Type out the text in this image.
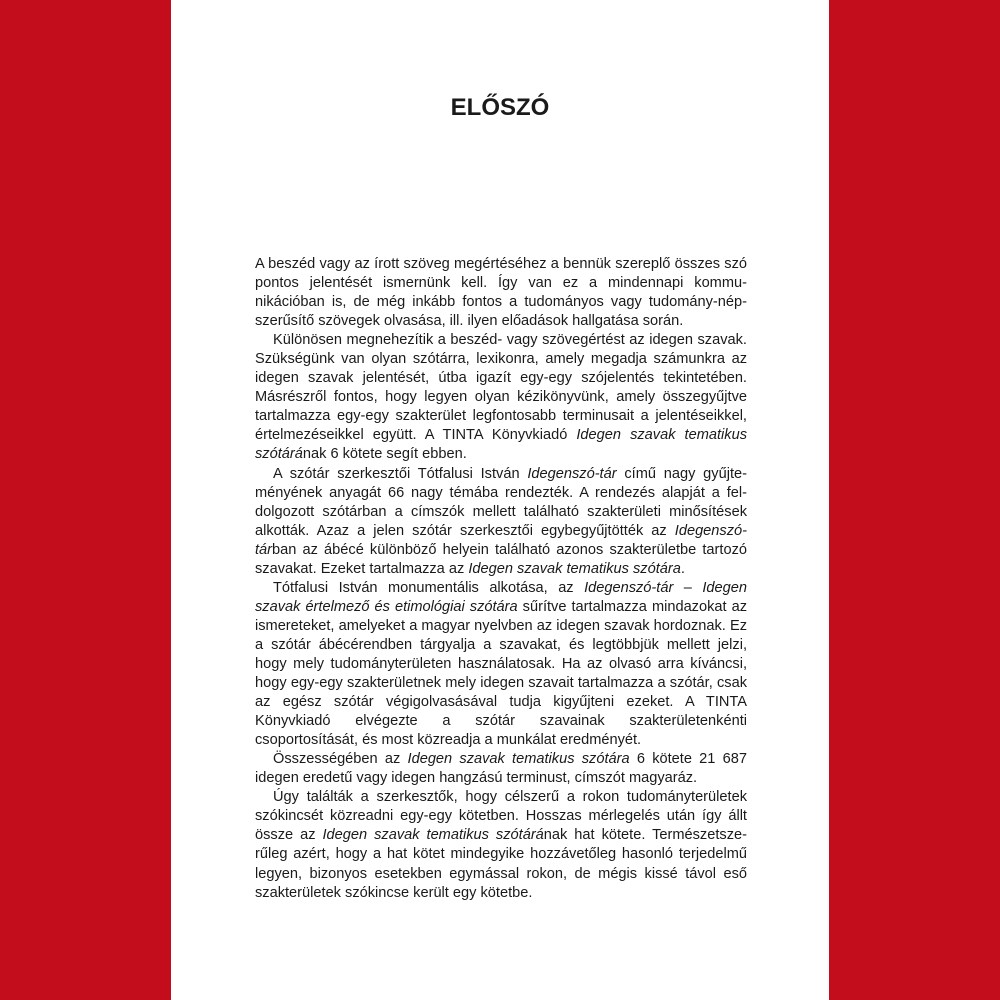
ELŐSZÓ

A beszéd vagy az írott szöveg megértéséhez a bennük szereplő összes szó pontos jelentését ismernünk kell. Így van ez a mindennapi kommunikációban is, de még inkább fontos a tudományos vagy tudomány-népszerűsítő szövegek olvasása, ill. ilyen előadások hallgatása során.

Különösen megnehezítik a beszéd- vagy szövegértést az idegen szavak. Szükségünk van olyan szótárra, lexikonra, amely megadja számunkra az idegen szavak jelentését, útba igazít egy-egy szójelentés tekintetében. Másrészről fontos, hogy legyen olyan kézikönyvünk, amely összegyűjtve tartalmazza egy-egy szakterület legfontosabb terminusait a jelentéseikkel, értelmezéseikkel együtt. A TINTA Könyvkiadó Idegen szavak tematikus szótárának 6 kötete segít ebben.

A szótár szerkesztői Tótfalusi István Idegenszó-tár című nagy gyűjteményének anyagát 66 nagy témába rendezték. A rendezés alapját a feldolgozott szótárban a címszók mellett található szakterületi minősítések alkották. Azaz a jelen szótár szerkesztői egybegyűjtötték az Idegenszó-tárban az ábécé különböző helyein található azonos szakterületbe tartozó szavakat. Ezeket tartalmazza az Idegen szavak tematikus szótára.

Tótfalusi István monumentális alkotása, az Idegenszó-tár – Idegen szavak értelmező és etimológiai szótára sűrítve tartalmazza mindazokat az ismereteket, amelyeket a magyar nyelvben az idegen szavak hordoznak. Ez a szótár ábécérendben tárgyalja a szavakat, és legtöbbjük mellett jelzi, hogy mely tudományterületen használatosak. Ha az olvasó arra kíváncsi, hogy egy-egy szakterületnek mely idegen szavait tartalmazza a szótár, csak az egész szótár végigolvasásával tudja kigyűjteni ezeket. A TINTA Könyvkiadó elvégezte a szótár szavainak szakterületenkénti csoportosítását, és most közreadja a munkálat eredményét.

Összességében az Idegen szavak tematikus szótára 6 kötete 21 687 idegen eredetű vagy idegen hangzású terminust, címszót magyaráz.

Úgy találták a szerkesztők, hogy célszerű a rokon tudományterületek szókincsét közreadni egy-egy kötetben. Hosszas mérlegelés után így állt össze az Idegen szavak tematikus szótárának hat kötete. Természetszerűleg azért, hogy a hat kötet mindegyike hozzávetőleg hasonló terjedelmű legyen, bizonyos esetekben egymással rokon, de mégis kissé távol eső szakterületek szókincse került egy kötetbe.
